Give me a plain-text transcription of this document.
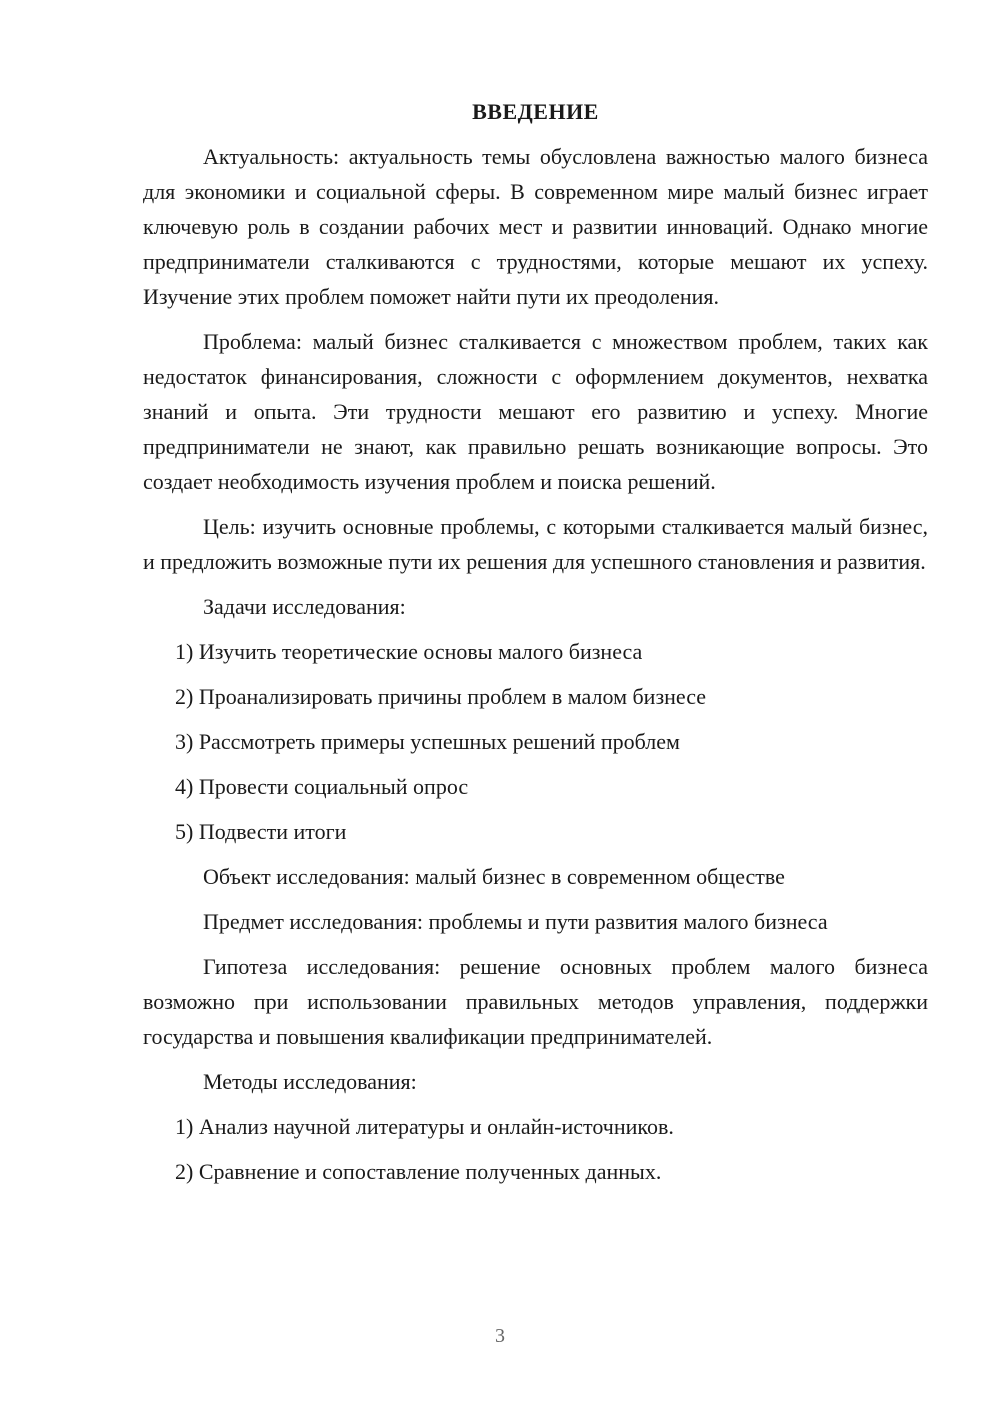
ВВЕДЕНИЕ
Актуальность: актуальность темы обусловлена важностью малого бизнеса для экономики и социальной сферы. В современном мире малый бизнес играет ключевую роль в создании рабочих мест и развитии инноваций. Однако многие предприниматели сталкиваются с трудностями, которые мешают их успеху. Изучение этих проблем поможет найти пути их преодоления.
Проблема: малый бизнес сталкивается с множеством проблем, таких как недостаток финансирования, сложности с оформлением документов, нехватка знаний и опыта. Эти трудности мешают его развитию и успеху. Многие предприниматели не знают, как правильно решать возникающие вопросы. Это создает необходимость изучения проблем и поиска решений.
Цель: изучить основные проблемы, с которыми сталкивается малый бизнес, и предложить возможные пути их решения для успешного становления и развития.
Задачи исследования:
1) Изучить теоретические основы малого бизнеса
2) Проанализировать причины проблем в малом бизнесе
3) Рассмотреть примеры успешных решений проблем
4) Провести социальный опрос
5) Подвести итоги
Объект исследования: малый бизнес в современном обществе
Предмет исследования: проблемы и пути развития малого бизнеса
Гипотеза исследования: решение основных проблем малого бизнеса возможно при использовании правильных методов управления, поддержки государства и повышения квалификации предпринимателей.
Методы исследования:
1) Анализ научной литературы и онлайн-источников.
2) Сравнение и сопоставление полученных данных.
3
